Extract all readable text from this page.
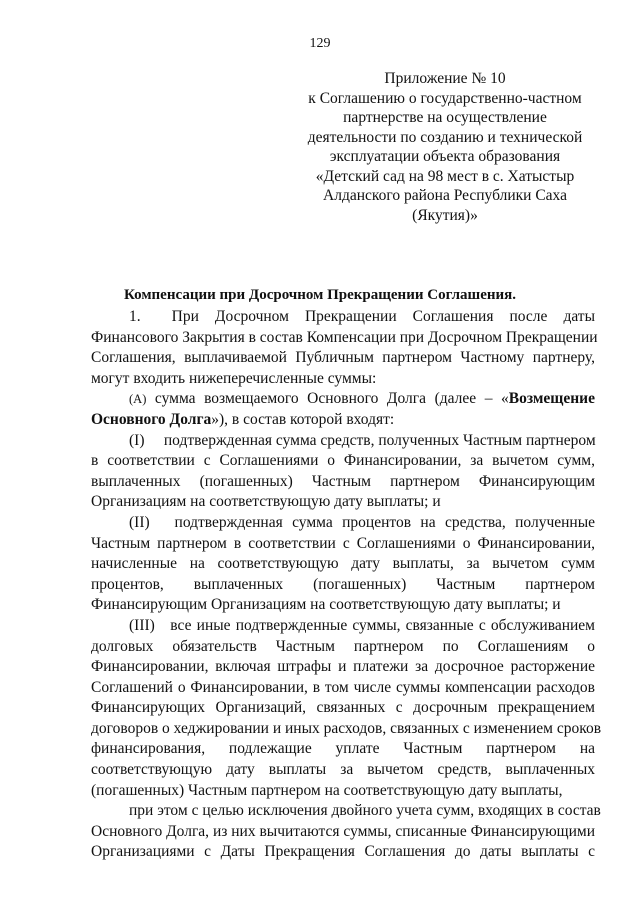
129
Приложение № 10
к Соглашению о государственно-частном
партнерстве на осуществление
деятельности по созданию и технической
эксплуатации объекта образования
«Детский сад на 98 мест в с. Хатыстыр
Алданского района Республики Саха
(Якутия)»
Компенсации при Досрочном Прекращении Соглашения.
1.  При Досрочном Прекращении Соглашения после даты
Финансового Закрытия в состав Компенсации при Досрочном Прекращении
Соглашения, выплачиваемой Публичным партнером Частному партнеру,
могут входить нижеперечисленные суммы:
(A) сумма возмещаемого Основного Долга (далее – «Возмещение
Основного Долга»), в состав которой входят:
(I)  подтвержденная сумма средств, полученных Частным партнером
в соответствии с Соглашениями о Финансировании, за вычетом сумм,
выплаченных (погашенных) Частным партнером Финансирующим
Организациям на соответствующую дату выплаты; и
(II)  подтвержденная сумма процентов на средства, полученные
Частным партнером в соответствии с Соглашениями о Финансировании,
начисленные на соответствующую дату выплаты, за вычетом сумм
процентов, выплаченных (погашенных) Частным партнером
Финансирующим Организациям на соответствующую дату выплаты; и
(III) все иные подтвержденные суммы, связанные с обслуживанием
долговых обязательств Частным партнером по Соглашениям о
Финансировании, включая штрафы и платежи за досрочное расторжение
Соглашений о Финансировании, в том числе суммы компенсации расходов
Финансирующих Организаций, связанных с досрочным прекращением
договоров о хеджировании и иных расходов, связанных с изменением сроков
финансирования, подлежащие уплате Частным партнером на
соответствующую дату выплаты за вычетом средств, выплаченных
(погашенных) Частным партнером на соответствующую дату выплаты,
при этом с целью исключения двойного учета сумм, входящих в состав
Основного Долга, из них вычитаются суммы, списанные Финансирующими
Организациями с Даты Прекращения Соглашения до даты выплаты с
